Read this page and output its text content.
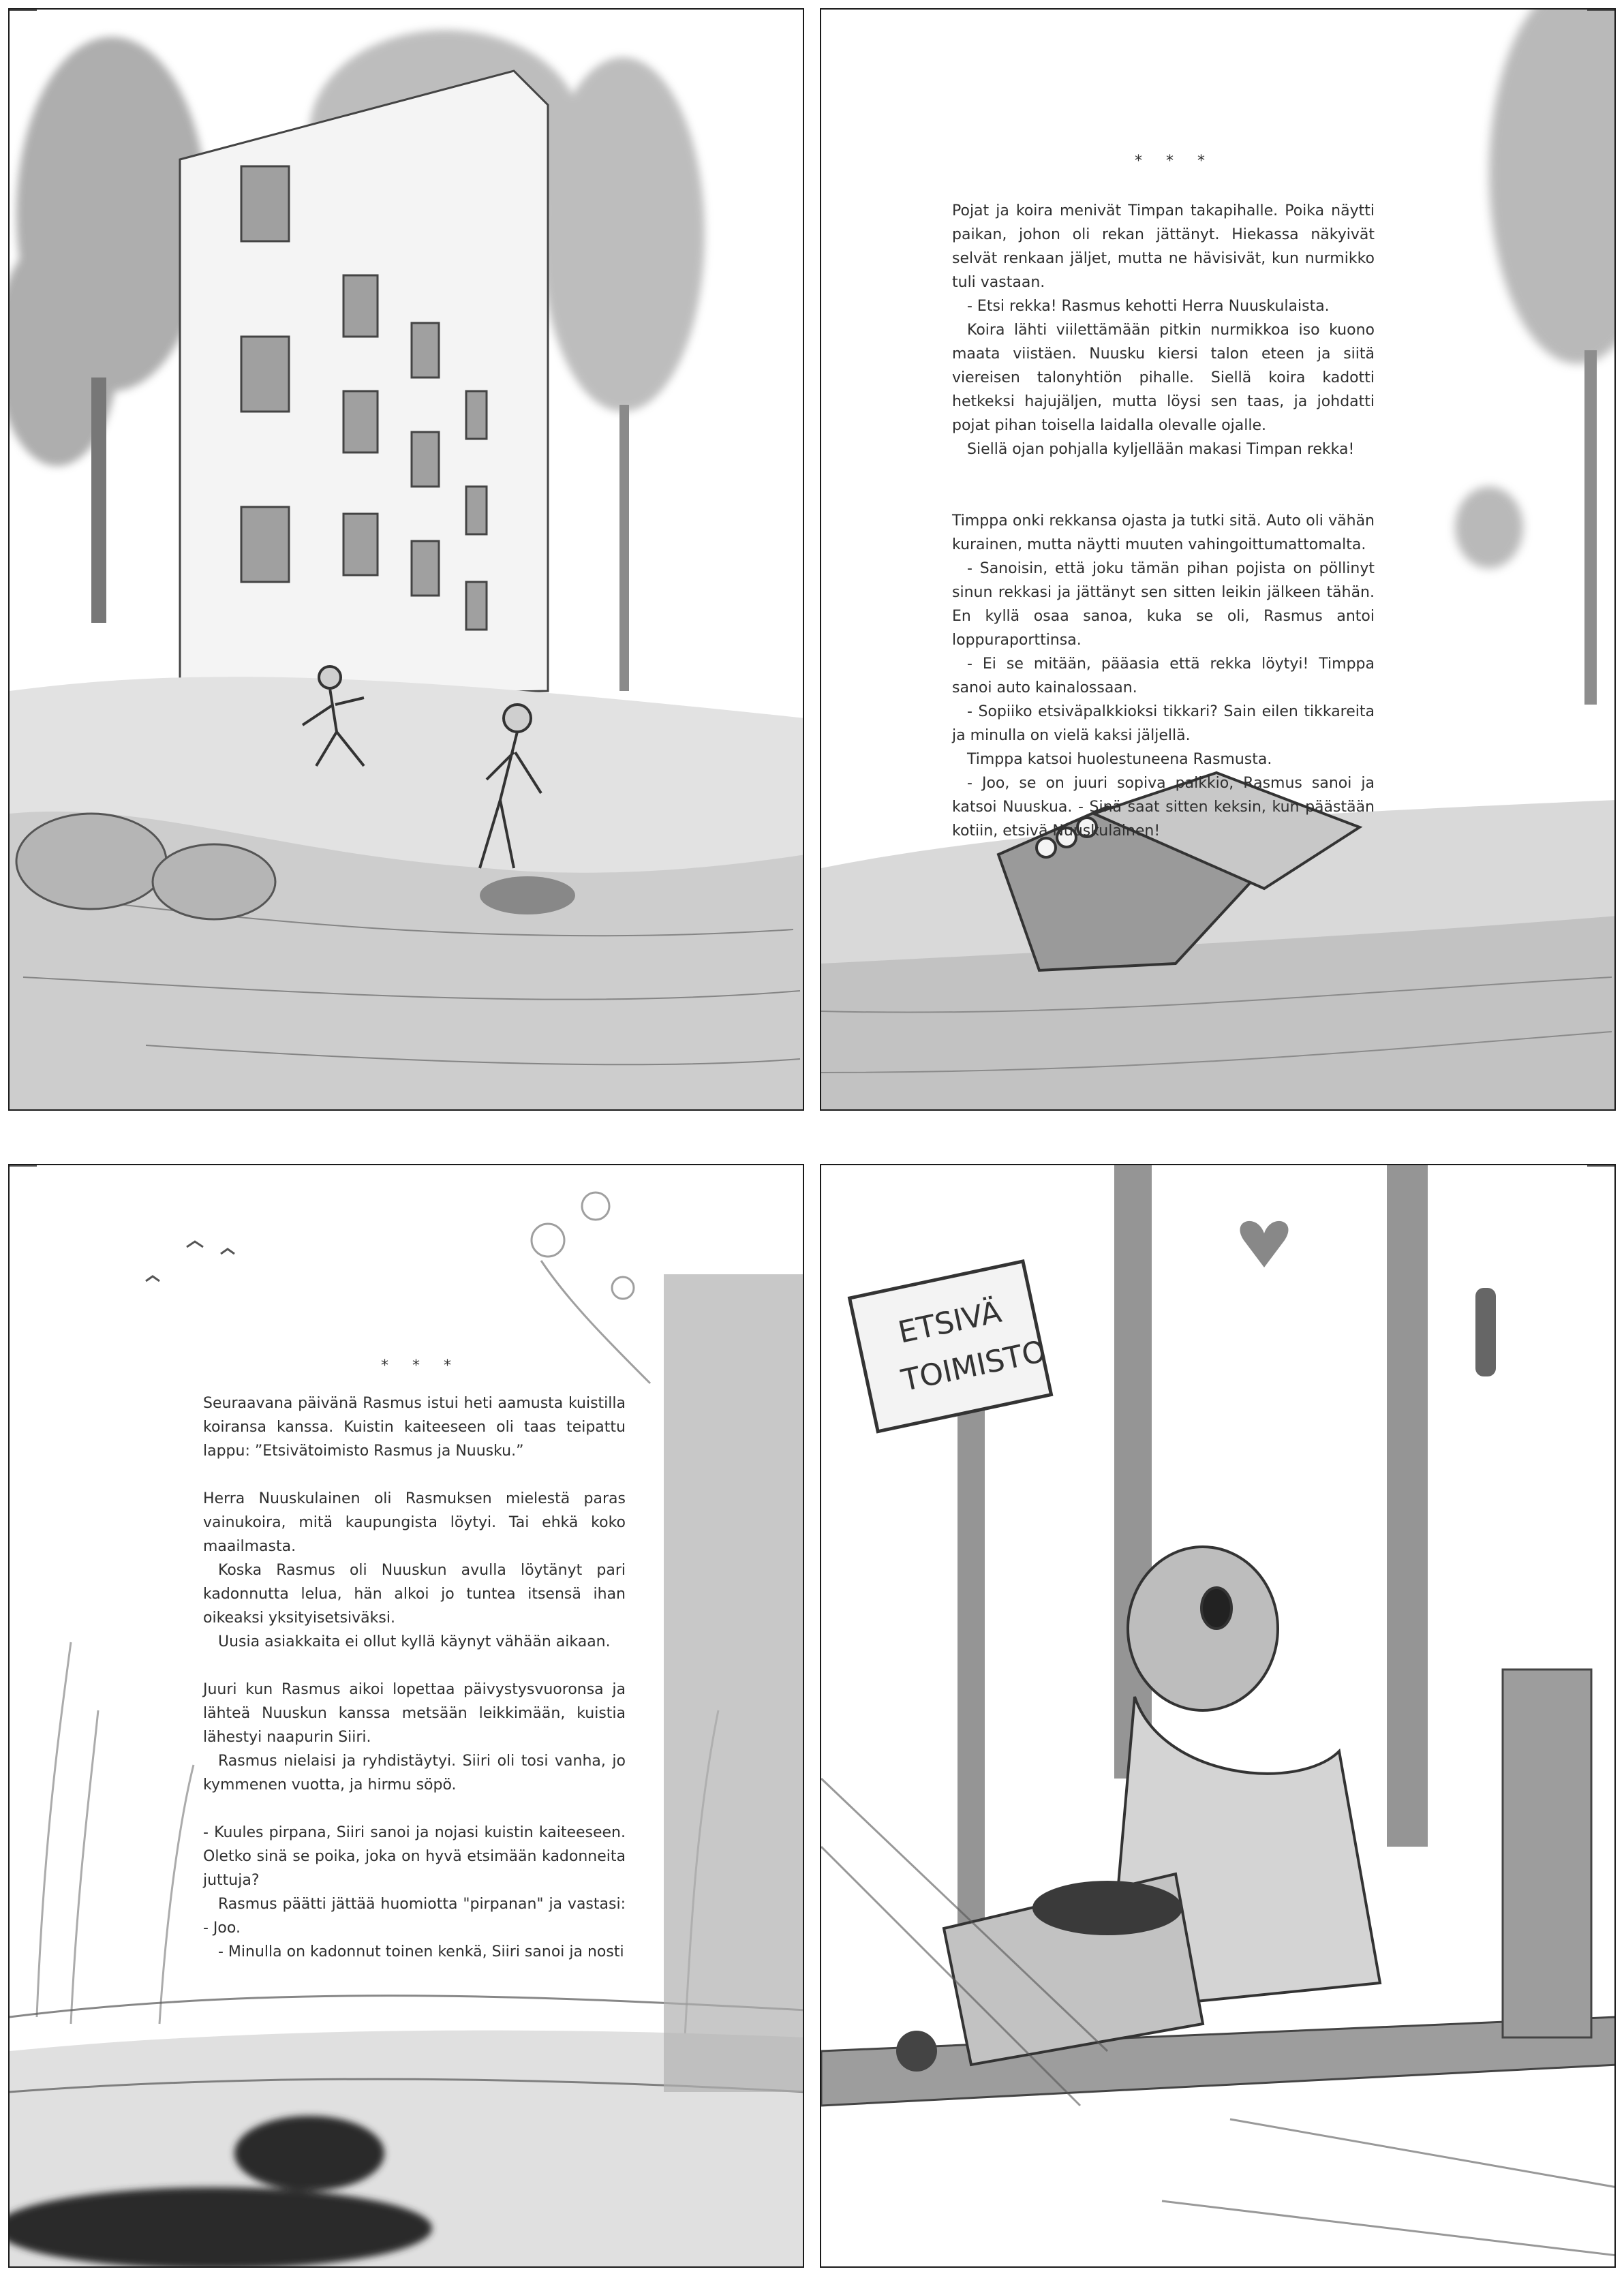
* * *

Pojat ja koira menivät Timpan takapihalle. Poika näytti paikan, johon oli rekan jättänyt. Hiekassa näkyivät selvät renkaan jäljet, mutta ne hävisivät, kun nurmikko tuli vastaan.

- Etsi rekka! Rasmus kehotti Herra Nuuskulaista.

Koira lähti viilettämään pitkin nurmikkoa iso kuono maata viistäen. Nuusku kiersi talon eteen ja siitä viereisen talonyhtiön pihalle. Siellä koira kadotti hetkeksi hajujäljen, mutta löysi sen taas, ja johdatti pojat pihan toisella laidalla olevalle ojalle.

Siellä ojan pohjalla kyljellään makasi Timpan rekka!

Timppa onki rekkansa ojasta ja tutki sitä. Auto oli vähän kurainen, mutta näytti muuten vahingoittumattomalta.

- Sanoisin, että joku tämän pihan pojista on pöllinyt sinun rekkasi ja jättänyt sen sitten leikin jälkeen tähän. En kyllä osaa sanoa, kuka se oli, Rasmus antoi loppuraporttinsa.

- Ei se mitään, pääasia että rekka löytyi! Timppa sanoi auto kainalossaan.

- Sopiiko etsiväpalkkioksi tikkari? Sain eilen tikkareita ja minulla on vielä kaksi jäljellä.

Timppa katsoi huolestuneena Rasmusta.

- Joo, se on juuri sopiva palkkio, Rasmus sanoi ja katsoi Nuuskua. - Sinä saat sitten keksin, kun päästään kotiin, etsivä Nuuskulainen!

* * *

Seuraavana päivänä Rasmus istui heti aamusta kuistilla koiransa kanssa. Kuistin kaiteeseen oli taas teipattu lappu: ”Etsivätoimisto Rasmus ja Nuusku.”

Herra Nuuskulainen oli Rasmuksen mielestä paras vainukoira, mitä kaupungista löytyi. Tai ehkä koko maailmasta.

Koska Rasmus oli Nuuskun avulla löytänyt pari kadonnutta lelua, hän alkoi jo tuntea itsensä ihan oikeaksi yksityisetsiväksi.

Uusia asiakkaita ei ollut kyllä käynyt vähään aikaan.

Juuri kun Rasmus aikoi lopettaa päivystysvuoronsa ja lähteä Nuuskun kanssa metsään leikkimään, kuistia lähestyi naapurin Siiri.

Rasmus nielaisi ja ryhdistäytyi. Siiri oli tosi vanha, jo kymmenen vuotta, ja hirmu söpö.

- Kuules pirpana, Siiri sanoi ja nojasi kuistin kaiteeseen. Oletko sinä se poika, joka on hyvä etsimään kadonneita juttuja?

Rasmus päätti jättää huomiotta "pirpanan" ja vastasi: - Joo.

- Minulla on kadonnut toinen kenkä, Siiri sanoi ja nosti

ETSIVÄ
TOIMISTO
